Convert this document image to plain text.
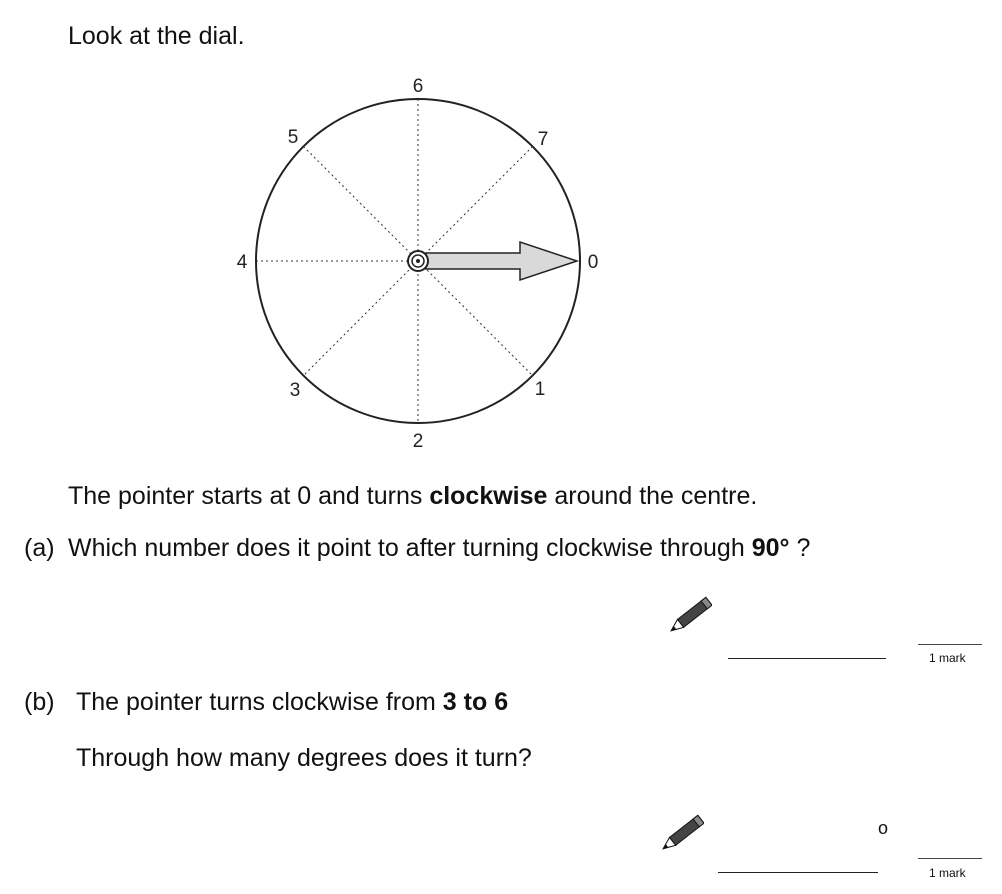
Look at the dial.
6
7
0
1
2
3
4
5
The pointer starts at 0 and turns clockwise around the centre.
(a) Which number does it point to after turning clockwise through 90° ?
1 mark
(b) The pointer turns clockwise from 3 to 6
Through how many degrees does it turn?
o
1 mark
